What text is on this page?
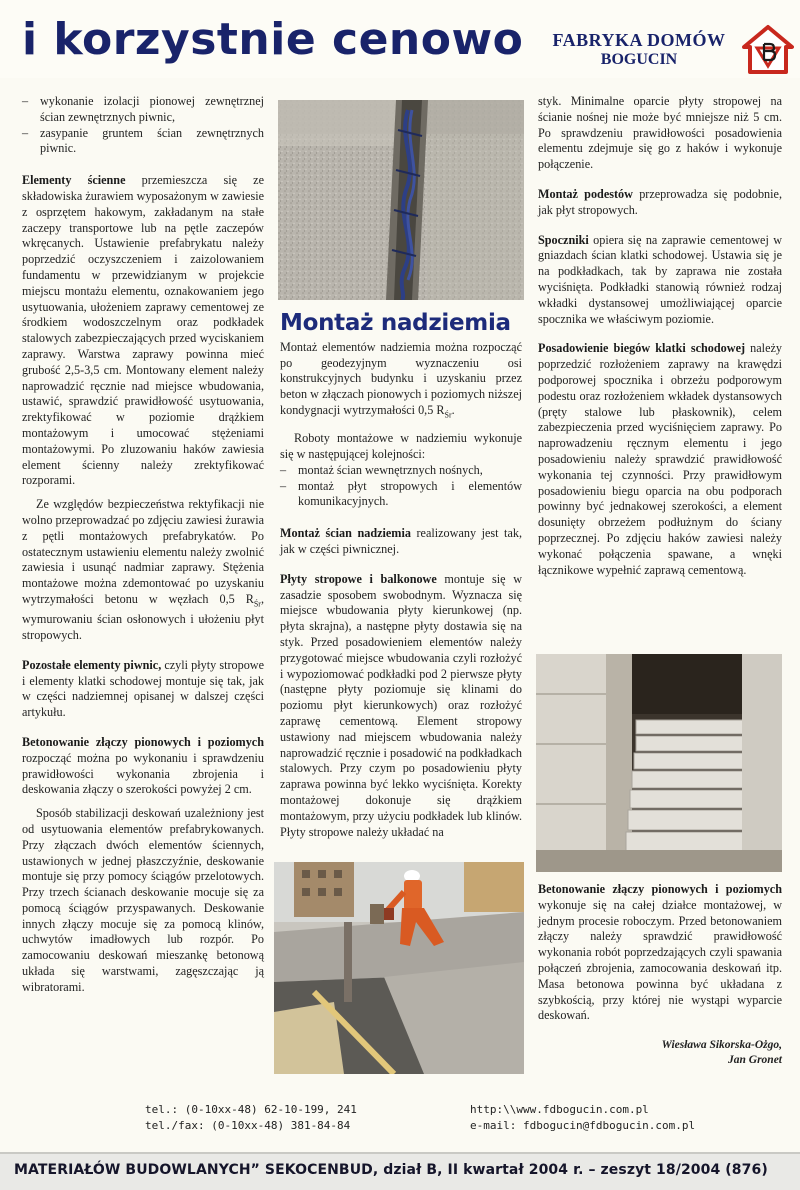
i korzystnie cenowo	FABRYKA DOMÓW
BOGUCIN
– wykonanie izolacji pionowej zewnętrznej ścian zewnętrznych piwnic,
– zasypanie gruntem ścian zewnętrznych piwnic.

Elementy ścienne przemieszcza się ze składowiska żurawiem wyposażonym w zawiesie z osprzętem hakowym, zakładanym na stałe zaczepy transportowe lub na pętle zaczepów wkręcanych. Ustawienie prefabrykatu należy poprzedzić oczyszczeniem i zaizolowaniem fundamentu w przewidzianym w projekcie miejscu montażu elementu, oznakowaniem jego usytuowania, ułożeniem zaprawy cementowej ze środkiem wodoszczelnym oraz podkładek stalowych zabezpieczających przed wyciskaniem zaprawy. Warstwa zaprawy powinna mieć grubość 2,5-3,5 cm. Montowany element należy naprowadzić ręcznie nad miejsce wbudowania, ustawić, sprawdzić prawidłowość usytuowania, zrektyfikować w poziomie drążkiem montażowym i umocować stężeniami montażowymi. Po zluzowaniu haków zawiesia element ścienny należy zrektyfikować rozporami.

Ze względów bezpieczeństwa rektyfikacji nie wolno przeprowadzać po zdjęciu zawiesi żurawia z pętli montażowych prefabrykatów. Po ostatecznym ustawieniu elementu należy zwolnić zawiesia i usunąć nadmiar zaprawy. Stężenia montażowe można zdemontować po uzyskaniu wytrzymałości betonu w węzłach 0,5 $R_{Śr}$, wymurowaniu ścian osłonowych i ułożeniu płyt stropowych.

Pozostałe elementy piwnic, czyli płyty stropowe i elementy klatki schodowej montuje się tak, jak w części nadziemnej opisanej w dalszej części artykułu.

Betonowanie złączy pionowych i poziomych rozpocząć można po wykonaniu i sprawdzeniu prawidłowości wykonania zbrojenia i deskowania złączy o szerokości powyżej 2 cm.

Sposób stabilizacji deskowań uzależniony jest od usytuowania elementów prefabrykowanych. Przy złączach dwóch elementów ściennych, ustawionych w jednej płaszczyźnie, deskowanie montuje się przy pomocy ściągów przelotowych. Przy trzech ścianach deskowanie mocuje się za pomocą ściągów przyspawanych. Deskowanie innych złączy mocuje się za pomocą klinów, uchwytów imadłowych lub rozpór. Po zamocowaniu deskowań mieszankę betonową układa się warstwami, zagęszczając ją wibratorami.

Montaż nadziemia

Montaż elementów nadziemia można rozpocząć po geodezyjnym wyznaczeniu osi konstrukcyjnych budynku i uzyskaniu przez beton w złączach pionowych i poziomych niższej kondygnacji wytrzymałości 0,5 $R_{Śr}$.

Roboty montażowe w nadziemiu wykonuje się w następującej kolejności:

– montaż ścian wewnętrznych nośnych,
– montaż płyt stropowych i elementów komunikacyjnych.

Montaż ścian nadziemia realizowany jest tak, jak w części piwnicznej.

Płyty stropowe i balkonowe montuje się w zasadzie sposobem swobodnym. Wyznacza się miejsce wbudowania płyty kierunkowej (np. płyta skrajna), a następne płyty dostawia się na styk. Przed posadowieniem elementów należy przygotować miejsce wbudowania czyli rozłożyć i wypoziomować podkładki pod 2 pierwsze płyty (następne płyty poziomuje się klinami do poziomu płyt kierunkowych) oraz rozłożyć zaprawę cementową. Element stropowy ustawiony nad miejscem wbudowania należy naprowadzić ręcznie i posadowić na podkładkach stalowych. Przy czym po posadowieniu płyty zaprawa powinna być lekko wyciśnięta. Korekty montażowej dokonuje się drążkiem montażowym, przy użyciu podkładek lub klinów. Płyty stropowe należy układać na

styk. Minimalne oparcie płyty stropowej na ścianie nośnej nie może być mniejsze niż 5 cm. Po sprawdzeniu prawidłowości posadowienia elementu zdejmuje się go z haków i wykonuje połączenie.

Montaż podestów przeprowadza się podobnie, jak płyt stropowych.

Spoczniki opiera się na zaprawie cementowej w gniazdach ścian klatki schodowej. Ustawia się je na podkładkach, tak by zaprawa nie została wyciśnięta. Podkładki stanowią również rodzaj wkładki dystansowej umożliwiającej oparcie spocznika we właściwym poziomie.

Posadowienie biegów klatki schodowej należy poprzedzić rozłożeniem zaprawy na krawędzi podporowej spocznika i obrzeżu podporowym podestu oraz rozłożeniem wkładek dystansowych (pręty stalowe lub płaskownik), celem zabezpieczenia przed wyciśnięciem zaprawy. Po naprowadzeniu ręcznym elementu i jego posadowieniu należy sprawdzić prawidłowość wykonania tej czynności. Przy prawidłowym posadowieniu biegu oparcia na obu podporach powinny być jednakowej szerokości, a element dosunięty obrzeżem podłużnym do ściany poprzecznej. Po zdjęciu haków zawiesi należy wykonać połączenia spawane, a wnęki łącznikowe wypełnić zaprawą cementową.

Betonowanie złączy pionowych i poziomych wykonuje się na całej działce montażowej, w jednym procesie roboczym. Przed betonowaniem złączy należy sprawdzić prawidłowość wykonania robót poprzedzających czyli spawania połączeń zbrojenia, zamocowania deskowań itp. Masa betonowa powinna być układana z szybkością, przy której nie wystąpi wyparcie deskowań.

Wiesława Sikorska-Ożgo,
Jan Gronet
tel.: (0-10xx-48) 62-10-199, 241
tel./fax: (0-10xx-48) 381-84-84
http:\\www.fdbogucin.com.pl
e-mail: fdbogucin@fdbogucin.com.pl
MATERIAŁÓW BUDOWLANYCH” SEKOCENBUD, dział B, II kwartał 2004 r. – zeszyt 18/2004 (876)
